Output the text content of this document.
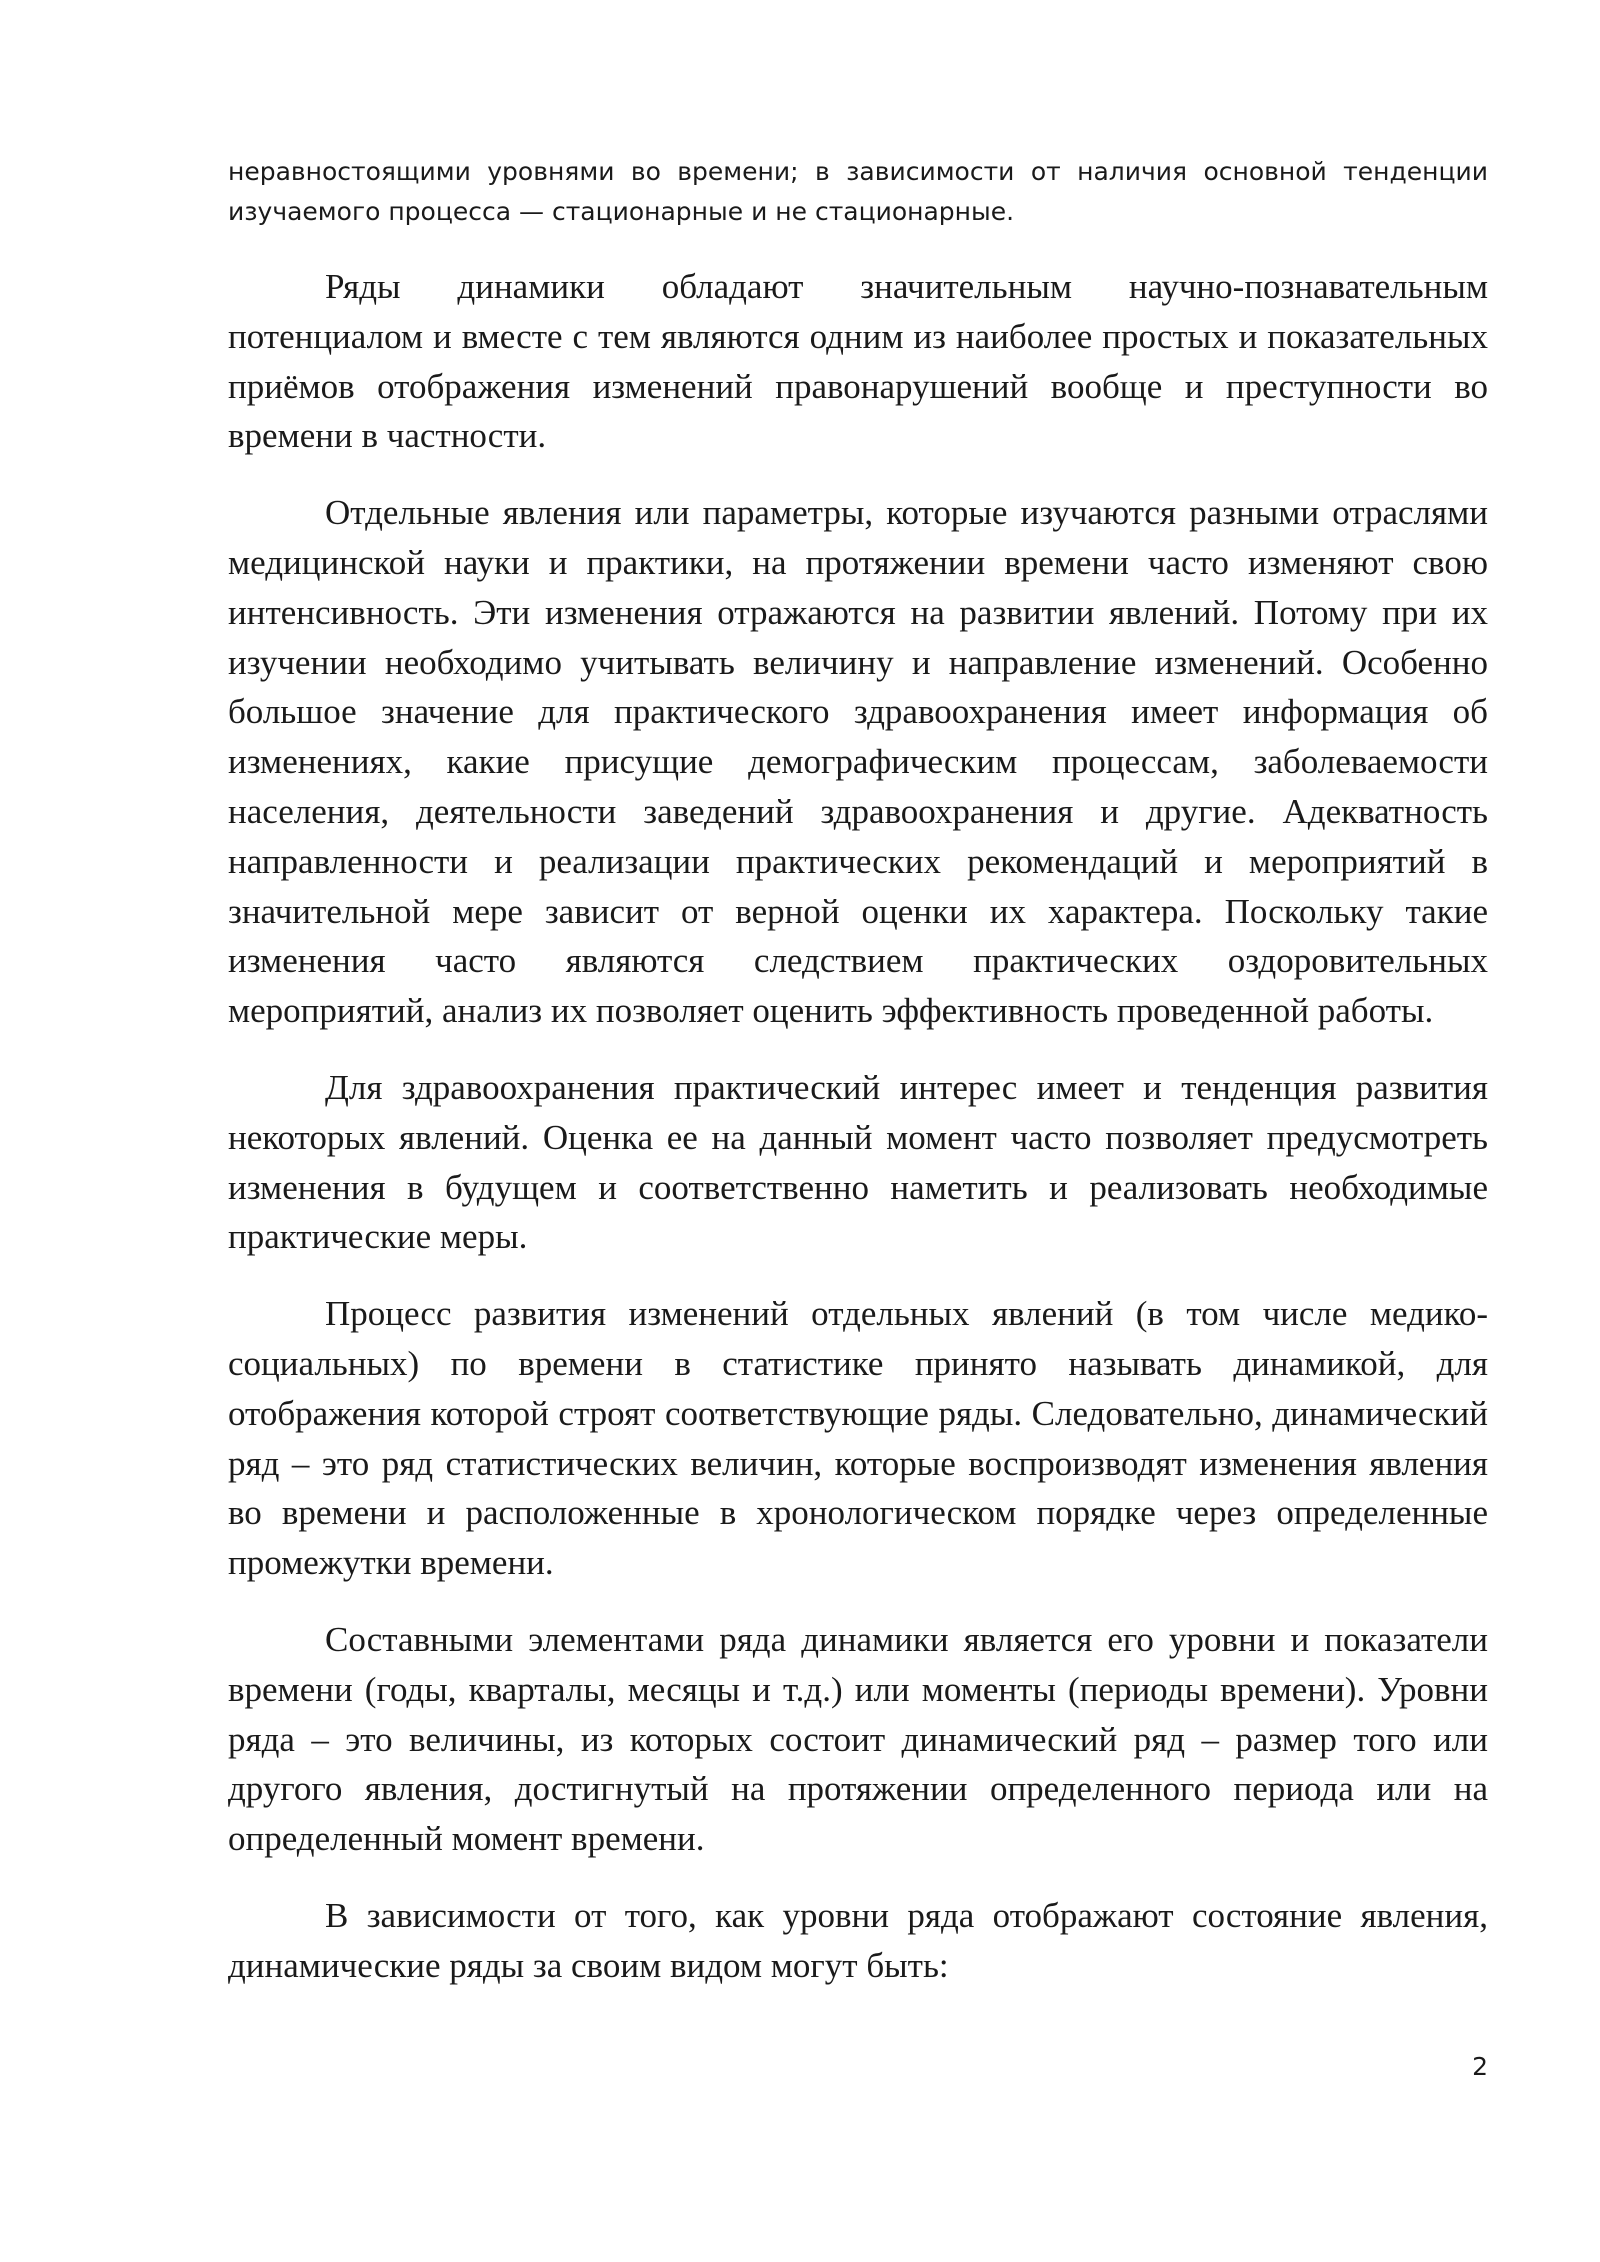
неравностоящими уровнями во времени; в зависимости от наличия основной тенденции изучаемого процесса — стационарные и не стационарные.

Ряды динамики обладают значительным научно-познавательным потенциалом и вместе с тем являются одним из наиболее простых и показательных приёмов отображения изменений правонарушений вообще и преступности во времени в частности.

Отдельные явления или параметры, которые изучаются разными отраслями медицинской науки и практики, на протяжении времени часто изменяют свою интенсивность. Эти изменения отражаются на развитии явлений. Потому при их изучении необходимо учитывать величину и направление изменений. Особенно большое значение для практического здравоохранения имеет информация об изменениях, какие присущие демографическим процессам, заболеваемости населения, деятельности заведений здравоохранения и другие. Адекватность направленности и реализации практических рекомендаций и мероприятий в значительной мере зависит от верной оценки их характера. Поскольку такие изменения часто являются следствием практических оздоровительных мероприятий, анализ их позволяет оценить эффективность проведенной работы.

Для здравоохранения практический интерес имеет и тенденция развития некоторых явлений. Оценка ее на данный момент часто позволяет предусмотреть изменения в будущем и соответственно наметить и реализовать необходимые практические меры.

Процесс развития изменений отдельных явлений (в том числе медико-социальных) по времени в статистике принято называть динамикой, для отображения которой строят соответствующие ряды. Следовательно, динамический ряд – это ряд статистических величин, которые воспроизводят изменения явления во времени и расположенные в хронологическом порядке через определенные промежутки времени.

Составными элементами ряда динамики является его уровни и показатели времени (годы, кварталы, месяцы и т.д.) или моменты (периоды времени). Уровни ряда – это величины, из которых состоит динамический ряд – размер того или другого явления, достигнутый на протяжении определенного периода или на определенный момент времени.

В зависимости от того, как уровни ряда отображают состояние явления, динамические ряды за своим видом могут быть:

2
